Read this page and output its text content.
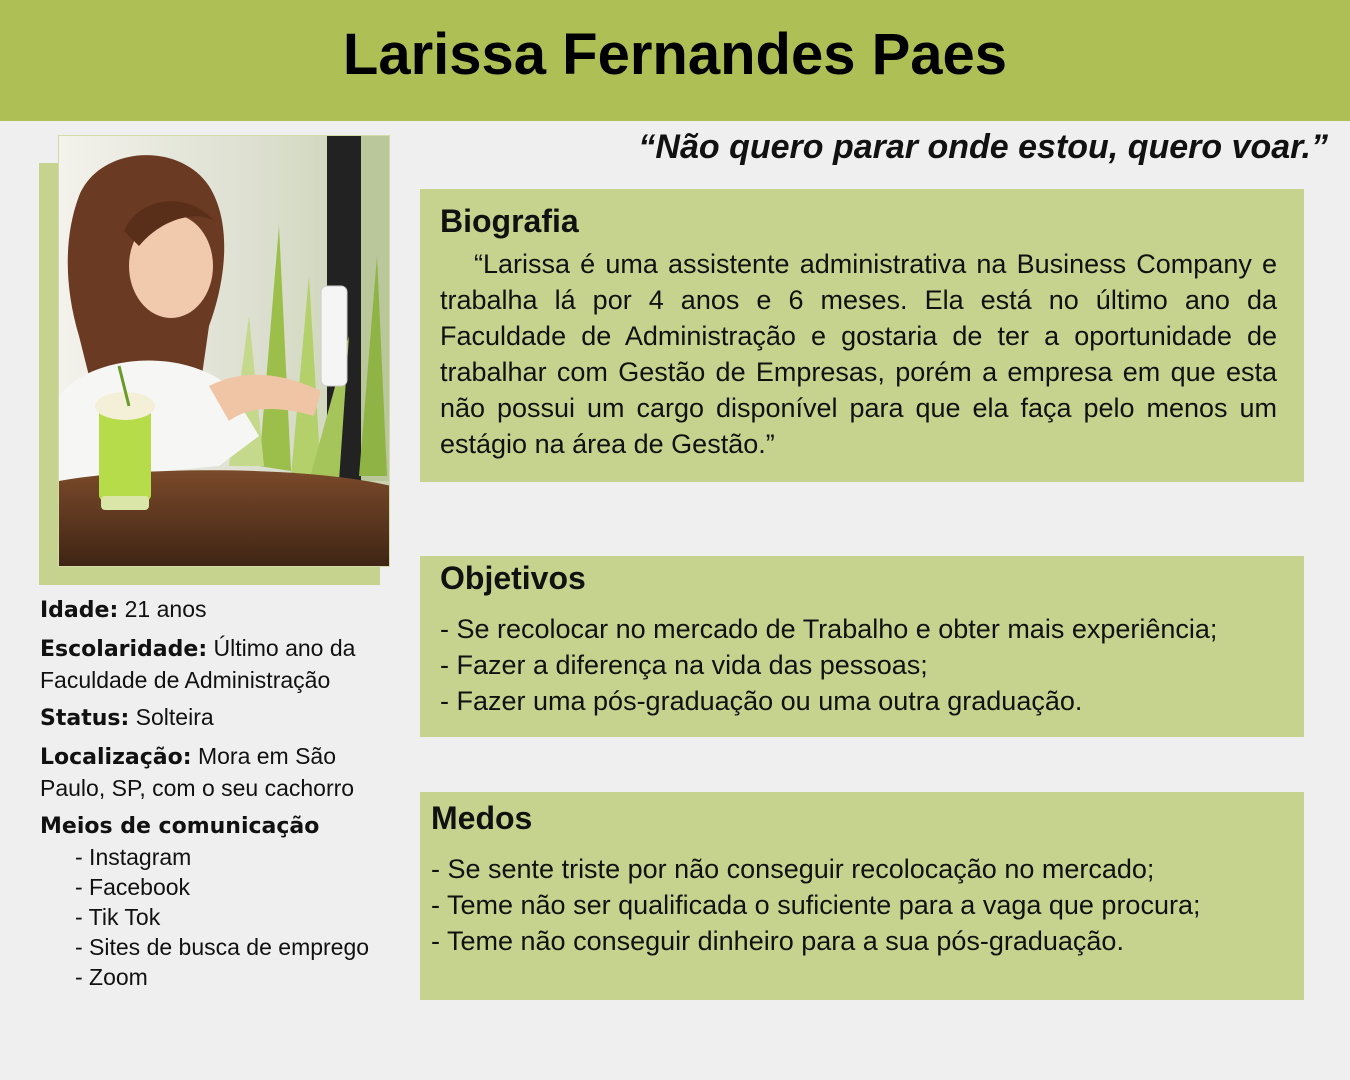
Larissa Fernandes Paes
“Não quero parar onde estou, quero voar.”
Idade: 21 anos
Escolaridade: Último ano da Faculdade de Administração
Status: Solteira
Localização: Mora em São Paulo, SP, com o seu cachorro
Meios de comunicação
- Instagram
- Facebook
- Tik Tok
- Sites de busca de emprego
- Zoom
Biografia

“Larissa é uma assistente administrativa na Business Company e trabalha lá por 4 anos e 6 meses. Ela está no último ano da Faculdade de Administração e gostaria de ter a oportunidade de trabalhar com Gestão de Empresas, porém a empresa em que esta não possui um cargo disponível para que ela faça pelo menos um estágio na área de Gestão.”

Objetivos
- Se recolocar no mercado de Trabalho e obter mais experiência;
- Fazer a diferença na vida das pessoas;
- Fazer uma pós-graduação ou uma outra graduação.
Medos
- Se sente triste por não conseguir recolocação no mercado;
- Teme não ser qualificada o suficiente para a vaga que procura;
- Teme não conseguir dinheiro para a sua pós-graduação.
